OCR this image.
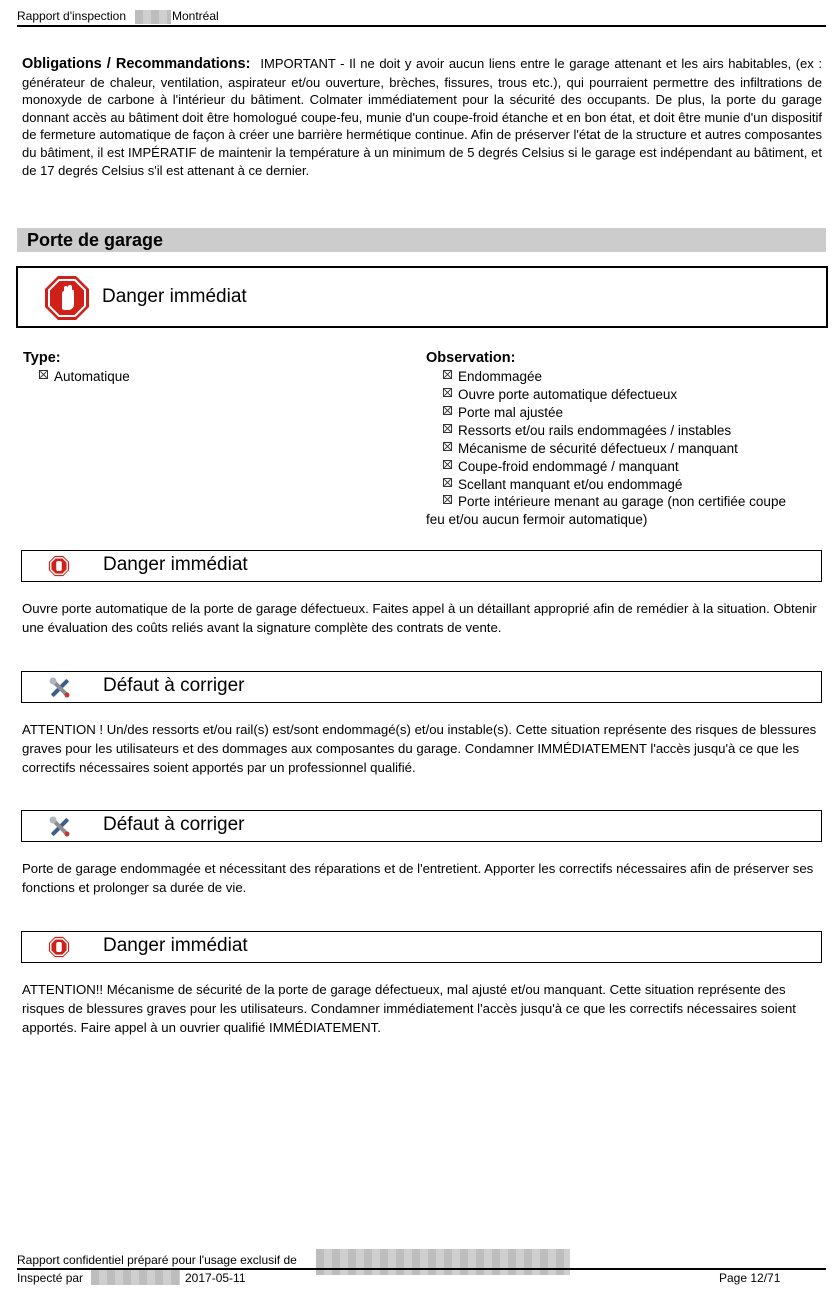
Rapport d'inspection	Montréal
Obligations / Recommandations: IMPORTANT - Il ne doit y avoir aucun liens entre le garage attenant et les airs habitables, (ex : générateur de chaleur, ventilation, aspirateur et/ou ouverture, brèches, fissures, trous etc.), qui pourraient permettre des infiltrations de monoxyde de carbone à l'intérieur du bâtiment. Colmater immédiatement pour la sécurité des occupants. De plus, la porte du garage donnant accès au bâtiment doit être homologué coupe-feu, munie d'un coupe-froid étanche et en bon état, et doit être munie d'un dispositif de fermeture automatique de façon à créer une barrière hermétique continue. Afin de préserver l'état de la structure et autres composantes du bâtiment, il est IMPÉRATIF de maintenir la température à un minimum de 5 degrés Celsius si le garage est indépendant au bâtiment, et de 17 degrés Celsius s'il est attenant à ce dernier.
Porte de garage
Danger immédiat
Type:
Automatique
Observation:
Endommagée
Ouvre porte automatique défectueux
Porte mal ajustée
Ressorts et/ou rails endommagées / instables
Mécanisme de sécurité défectueux / manquant
Coupe-froid endommagé / manquant
Scellant manquant et/ou endommagé
Porte intérieure menant au garage (non certifiée coupe
feu et/ou aucun fermoir automatique)
Danger immédiat
Ouvre porte automatique de la porte de garage défectueux. Faites appel à un détaillant approprié afin de remédier à la situation. Obtenir une évaluation des coûts reliés avant la signature complète des contrats de vente.
Défaut à corriger
ATTENTION ! Un/des ressorts et/ou rail(s) est/sont endommagé(s) et/ou instable(s). Cette situation représente des risques de blessures graves pour les utilisateurs et des dommages aux composantes du garage. Condamner IMMÉDIATEMENT l'accès jusqu'à ce que les correctifs nécessaires soient apportés par un professionnel qualifié.
Défaut à corriger
Porte de garage endommagée et nécessitant des réparations et de l'entretient. Apporter les correctifs nécessaires afin de préserver ses fonctions et prolonger sa durée de vie.
Danger immédiat
ATTENTION!! Mécanisme de sécurité de la porte de garage défectueux, mal ajusté et/ou manquant. Cette situation représente des risques de blessures graves pour les utilisateurs. Condamner immédiatement l'accès jusqu'à ce que les correctifs nécessaires soient apportés. Faire appel à un ouvrier qualifié IMMÉDIATEMENT.
Rapport confidentiel préparé pour l'usage exclusif de
Inspecté par	2017-05-11	Page 12/71
